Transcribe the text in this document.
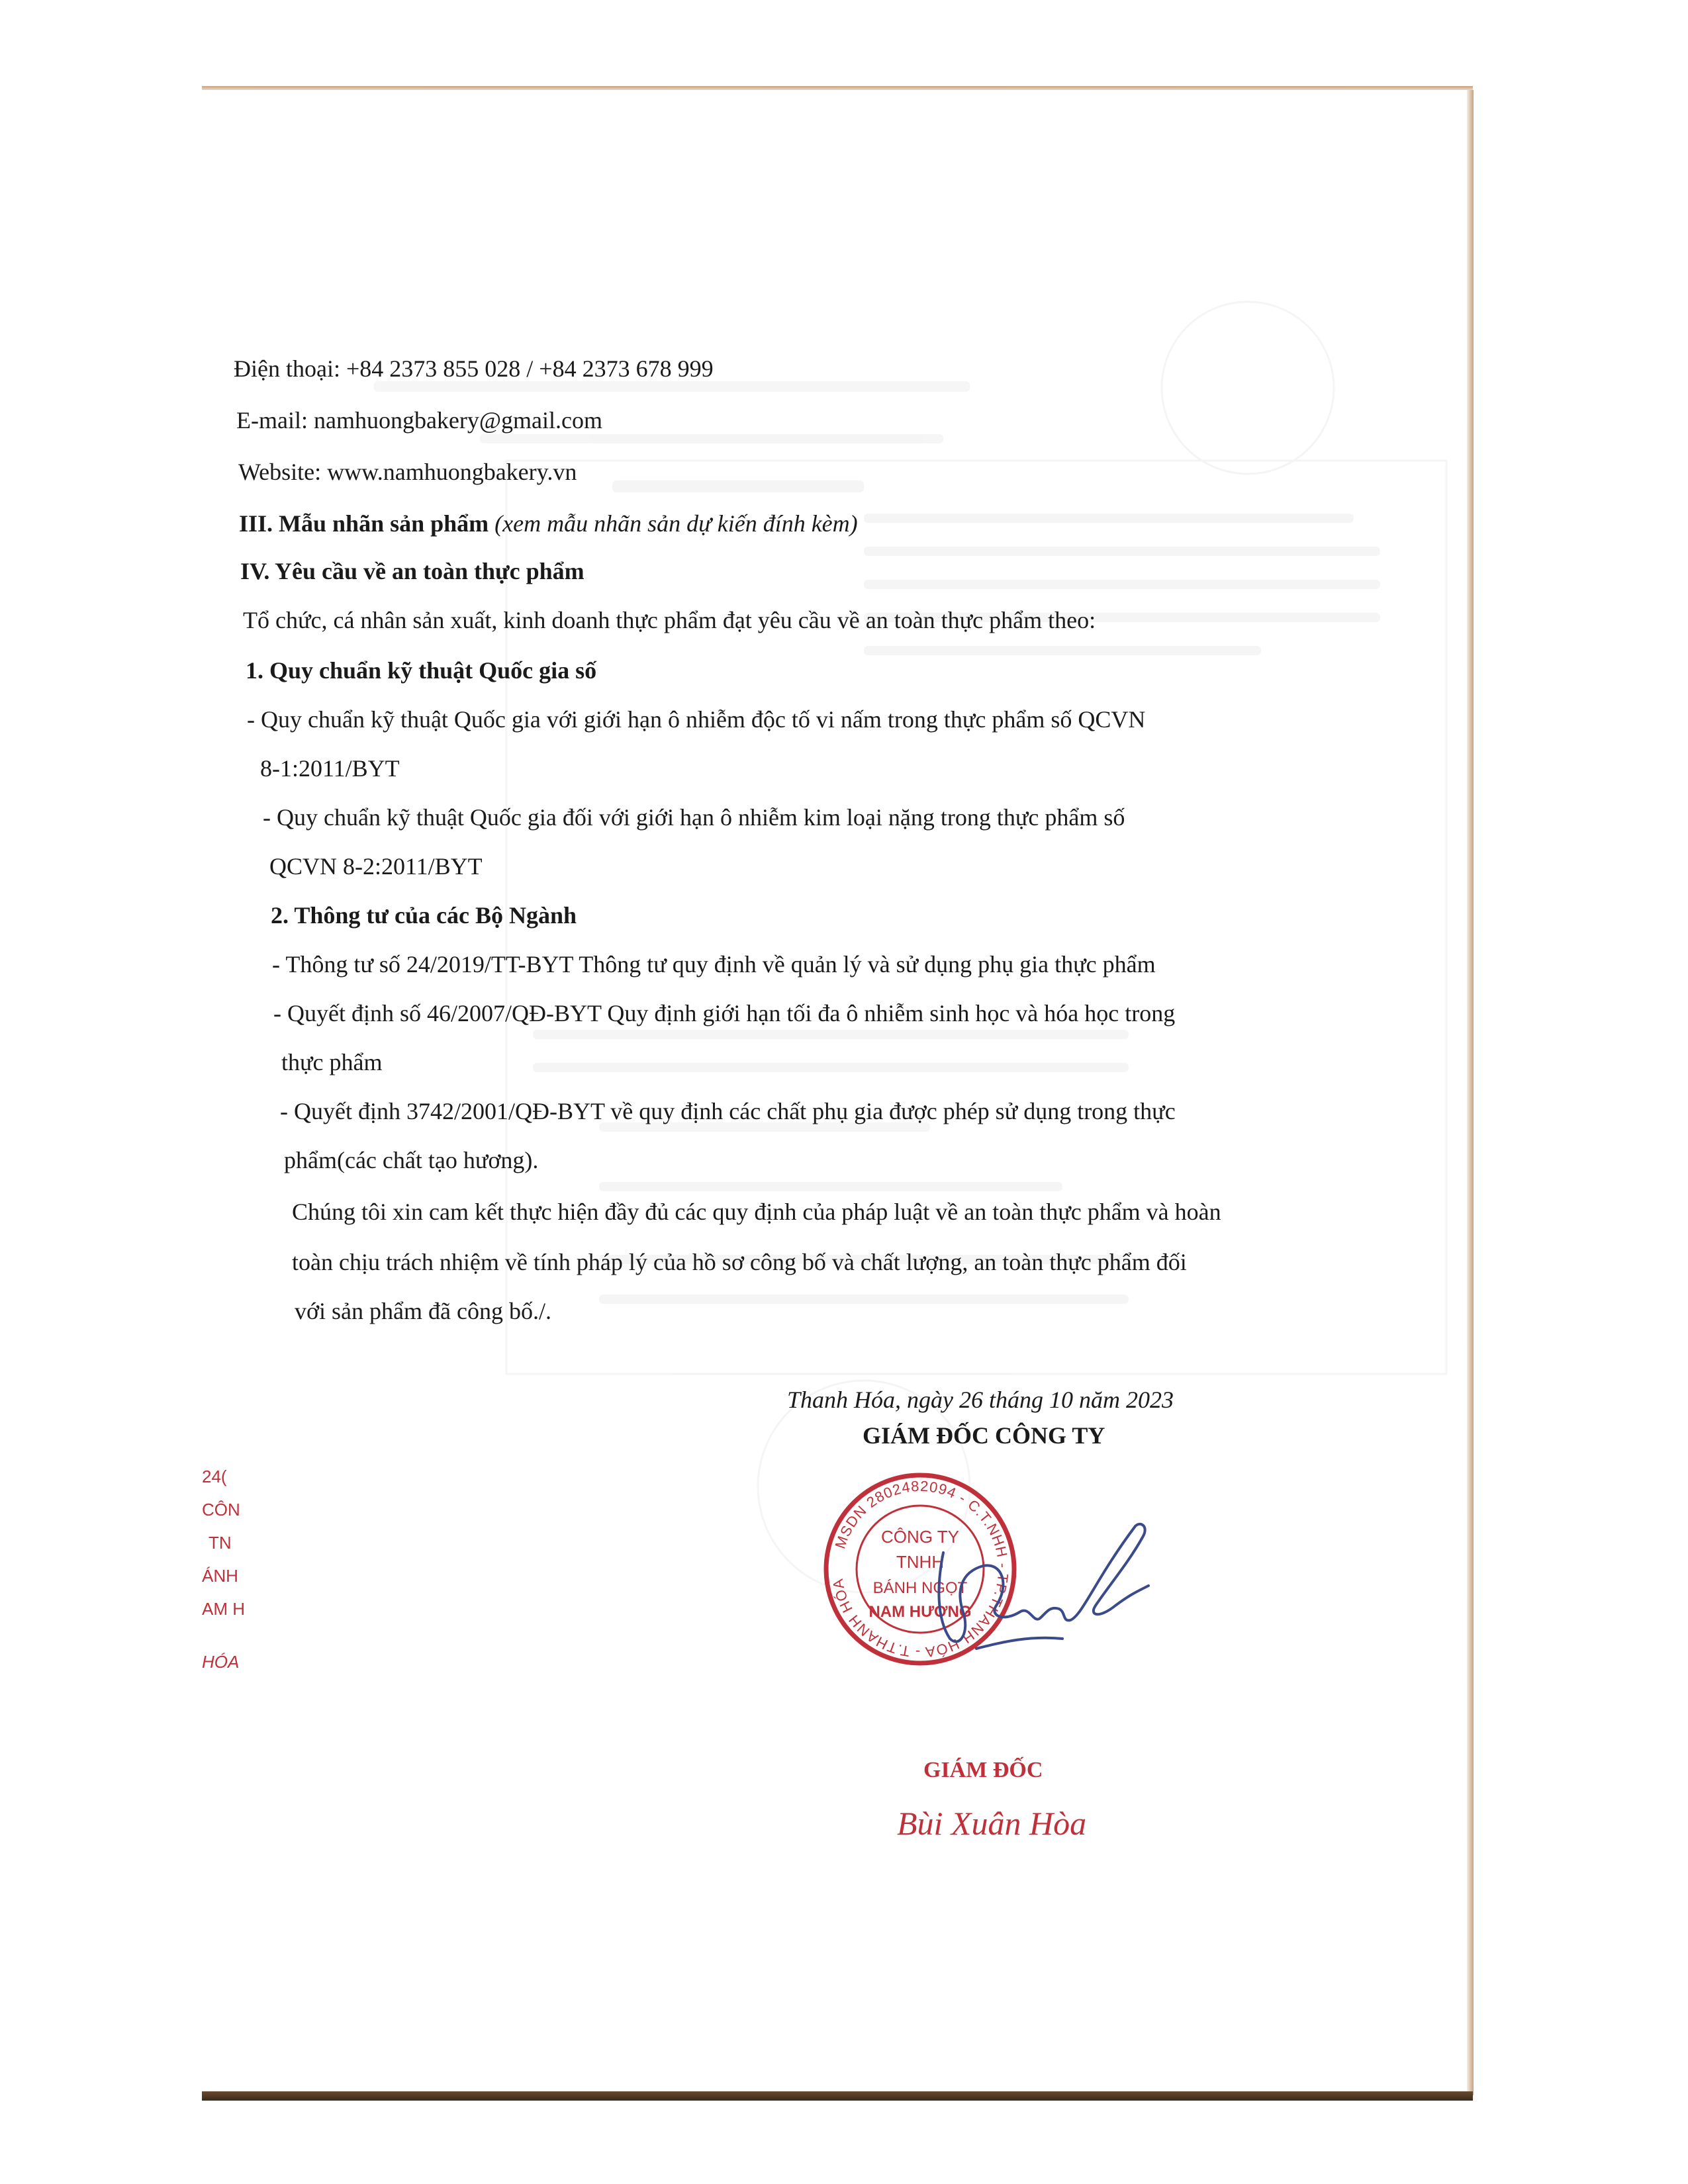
Điện thoại: +84 2373 855 028 / +84 2373 678 999
E-mail: namhuongbakery@gmail.com
Website: www.namhuongbakery.vn
III. Mẫu nhãn sản phẩm (xem mẫu nhãn sản dự kiến đính kèm)
IV. Yêu cầu về an toàn thực phẩm
Tổ chức, cá nhân sản xuất, kinh doanh thực phẩm đạt yêu cầu về an toàn thực phẩm theo:
1. Quy chuẩn kỹ thuật Quốc gia số
- Quy chuẩn kỹ thuật Quốc gia với giới hạn ô nhiễm độc tố vi nấm trong thực phẩm số QCVN
8-1:2011/BYT
- Quy chuẩn kỹ thuật Quốc gia đối với giới hạn ô nhiễm kim loại nặng trong thực phẩm số
QCVN 8-2:2011/BYT
2. Thông tư của các Bộ Ngành
- Thông tư số 24/2019/TT-BYT Thông tư quy định về quản lý và sử dụng phụ gia thực phẩm
- Quyết định số 46/2007/QĐ-BYT Quy định giới hạn tối đa ô nhiễm sinh học và hóa học trong
thực phẩm
- Quyết định 3742/2001/QĐ-BYT về quy định các chất phụ gia được phép sử dụng trong thực
phẩm(các chất tạo hương).
Chúng tôi xin cam kết thực hiện đầy đủ các quy định của pháp luật về an toàn thực phẩm và hoàn
toàn chịu trách nhiệm về tính pháp lý của hồ sơ công bố và chất lượng, an toàn thực phẩm đối
với sản phẩm đã công bố./.
Thanh Hóa, ngày 26 tháng 10 năm 2023
GIÁM ĐỐC CÔNG TY
24(
CÔN
TN
ÁNH
AM H
HÓA
MSDN 2802482094 - C.T.NHH - TP.THANH HÓA - T.THANH HÓA
CÔNG TY
TNHH
BÁNH NGỌT
NAM HƯƠNG
GIÁM ĐỐC
Bùi Xuân Hòa
